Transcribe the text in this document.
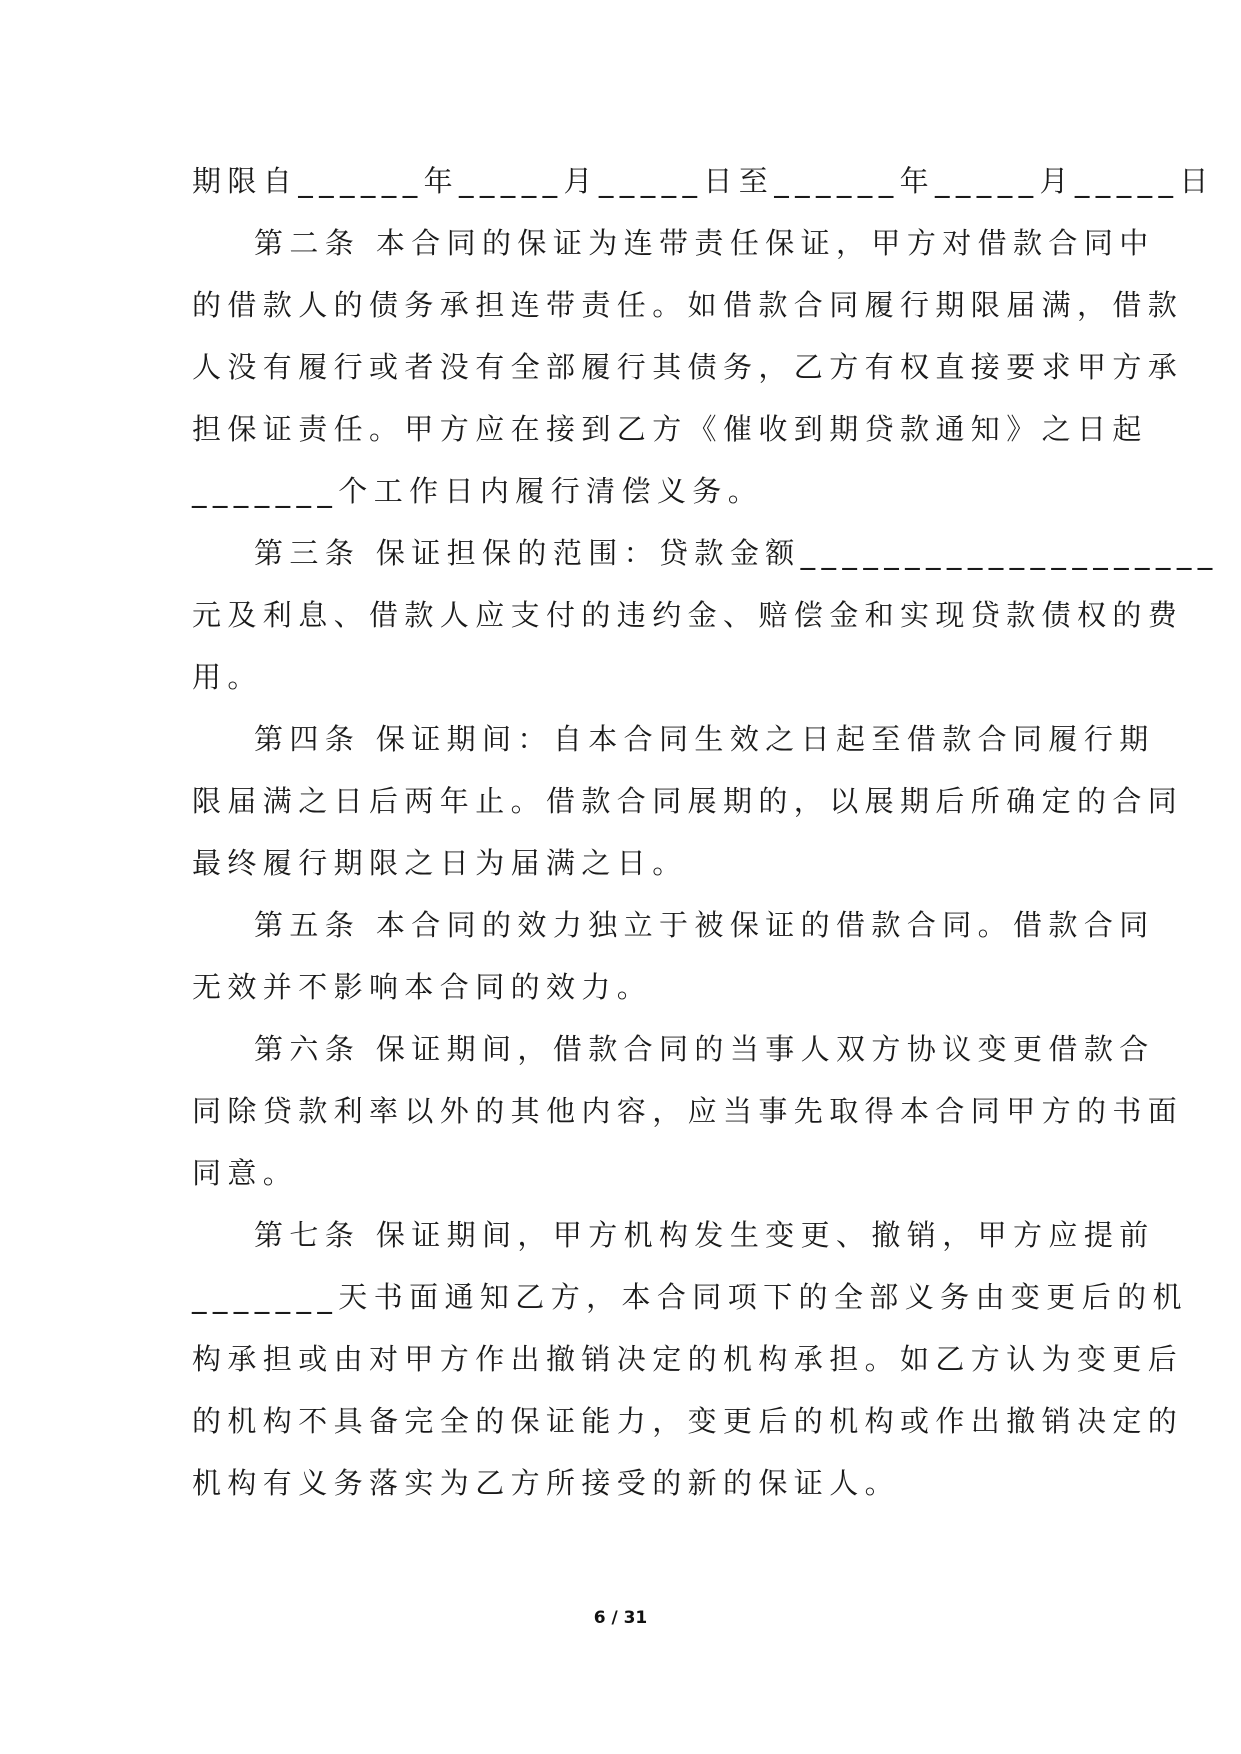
期限自______年_____月_____日至______年_____月_____日
第二条 本合同的保证为连带责任保证，甲方对借款合同中
的借款人的债务承担连带责任。如借款合同履行期限届满，借款
人没有履行或者没有全部履行其债务，乙方有权直接要求甲方承
担保证责任。甲方应在接到乙方《催收到期贷款通知》之日起
_______个工作日内履行清偿义务。
第三条 保证担保的范围：贷款金额____________________
元及利息、借款人应支付的违约金、赔偿金和实现贷款债权的费
用。
第四条 保证期间：自本合同生效之日起至借款合同履行期
限届满之日后两年止。借款合同展期的，以展期后所确定的合同
最终履行期限之日为届满之日。
第五条 本合同的效力独立于被保证的借款合同。借款合同
无效并不影响本合同的效力。
第六条 保证期间，借款合同的当事人双方协议变更借款合
同除贷款利率以外的其他内容，应当事先取得本合同甲方的书面
同意。
第七条 保证期间，甲方机构发生变更、撤销，甲方应提前
_______天书面通知乙方，本合同项下的全部义务由变更后的机
构承担或由对甲方作出撤销决定的机构承担。如乙方认为变更后
的机构不具备完全的保证能力，变更后的机构或作出撤销决定的
机构有义务落实为乙方所接受的新的保证人。
6 / 31
